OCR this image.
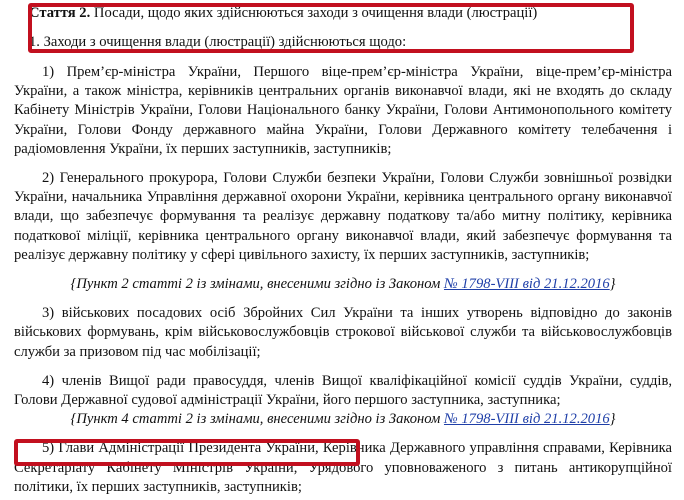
Стаття 2. Посади, щодо яких здійснюються заходи з очищення влади (люстрації)
1. Заходи з очищення влади (люстрації) здійснюються щодо:

1) Прем’єр-міністра України, Першого віце-прем’єр-міністра України, віце-прем’єр-міністра України, а також міністра, керівників центральних органів виконавчої влади, які не входять до складу Кабінету Міністрів України, Голови Національного банку України, Голови Антимонопольного комітету України, Голови Фонду державного майна України, Голови Державного комітету телебачення і радіомовлення України, їх перших заступників, заступників;

2) Генерального прокурора, Голови Служби безпеки України, Голови Служби зовнішньої розвідки України, начальника Управління державної охорони України, керівника центрального органу виконавчої влади, що забезпечує формування та реалізує державну податкову та/або митну політику, керівника податкової міліції, керівника центрального органу виконавчої влади, який забезпечує формування та реалізує державну політику у сфері цивільного захисту, їх перших заступників, заступників;

{Пункт 2 статті 2 із змінами, внесеними згідно із Законом № 1798-VIII від 21.12.2016}

3) військових посадових осіб Збройних Сил України та інших утворень відповідно до законів військових формувань, крім військовослужбовців строкової військової служби та військовослужбовців служби за призовом під час мобілізації;

4) членів Вищої ради правосуддя, членів Вищої кваліфікаційної комісії суддів України, суддів, Голови Державної судової адміністрації України, його першого заступника, заступника;

{Пункт 4 статті 2 із змінами, внесеними згідно із Законом № 1798-VIII від 21.12.2016}

5) Глави Адміністрації Президента України, Керівника Державного управління справами, Керівника Секретаріату Кабінету Міністрів України, Урядового уповноваженого з питань антикорупційної політики, їх перших заступників, заступників;
